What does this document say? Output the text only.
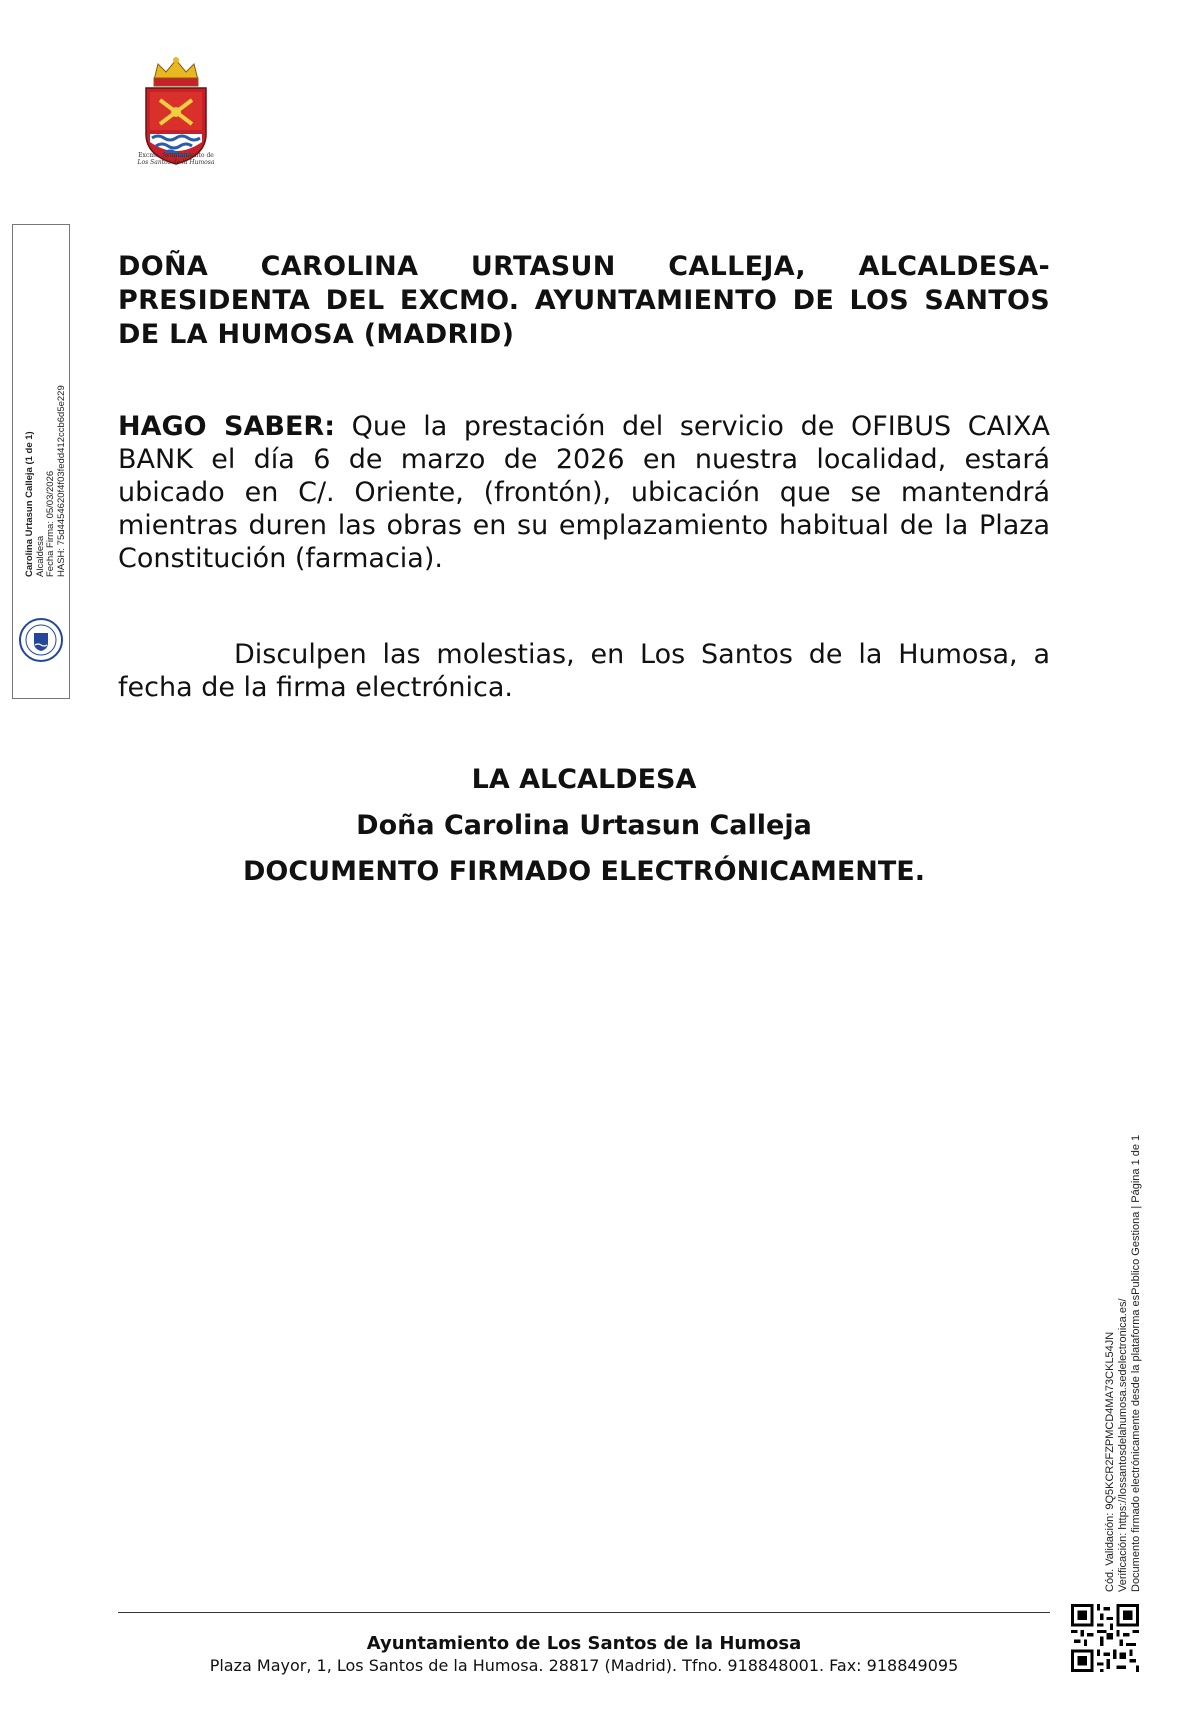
Excmo. Ayuntamiento de
Los Santos de la Humosa
Carolina Urtasun Calleja (1 de 1) Alcaldesa Fecha Firma: 05/03/2026 HASH: 75d4454620f4f03fedd412ccb6d5e229
DOÑA CAROLINA URTASUN CALLEJA, ALCALDESA-PRESIDENTA DEL EXCMO. AYUNTAMIENTO DE LOS SANTOS DE LA HUMOSA (MADRID)
HAGO SABER: Que la prestación del servicio de OFIBUS CAIXA BANK el día 6 de marzo de 2026 en nuestra localidad, estará ubicado en C/. Oriente, (frontón), ubicación que se mantendrá mientras duren las obras en su emplazamiento habitual de la Plaza Constitución (farmacia).
Disculpen las molestias, en Los Santos de la Humosa, a fecha de la firma electrónica.
LA ALCALDESA
Doña Carolina Urtasun Calleja
DOCUMENTO FIRMADO ELECTRÓNICAMENTE.
Cód. Validación: 9Q5KCR2FZPMCD4MA73CKL54JN Verificación: https://lossantosdelahumosa.sedelectronica.es/ Documento firmado electrónicamente desde la plataforma esPublico Gestiona | Página 1 de 1
Ayuntamiento de Los Santos de la Humosa
Plaza Mayor, 1, Los Santos de la Humosa. 28817 (Madrid). Tfno. 918848001. Fax: 918849095
